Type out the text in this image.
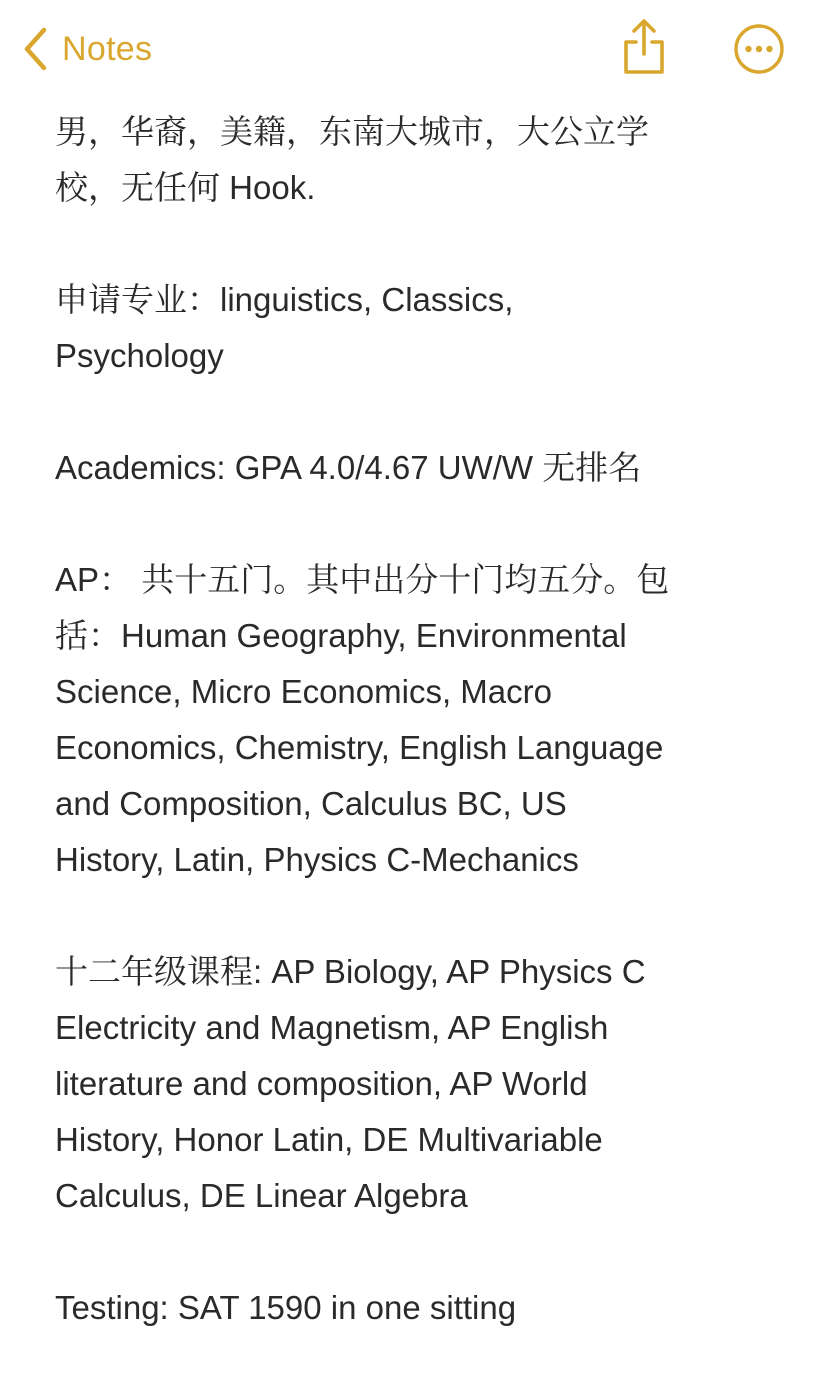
Notes
男，华裔，美籍，东南大城市，大公立学
校，无任何 Hook.
申请专业：linguistics, Classics,
Psychology
Academics: GPA 4.0/4.67 UW/W 无排名
AP： 共十五门。其中出分十门均五分。包
括：Human Geography, Environmental
Science, Micro Economics, Macro
Economics, Chemistry, English Language
and Composition, Calculus BC, US
History, Latin, Physics C-Mechanics
十二年级课程: AP Biology, AP Physics C
Electricity and Magnetism, AP English
literature and composition, AP World
History, Honor Latin, DE Multivariable
Calculus, DE Linear Algebra
Testing: SAT 1590 in one sitting
